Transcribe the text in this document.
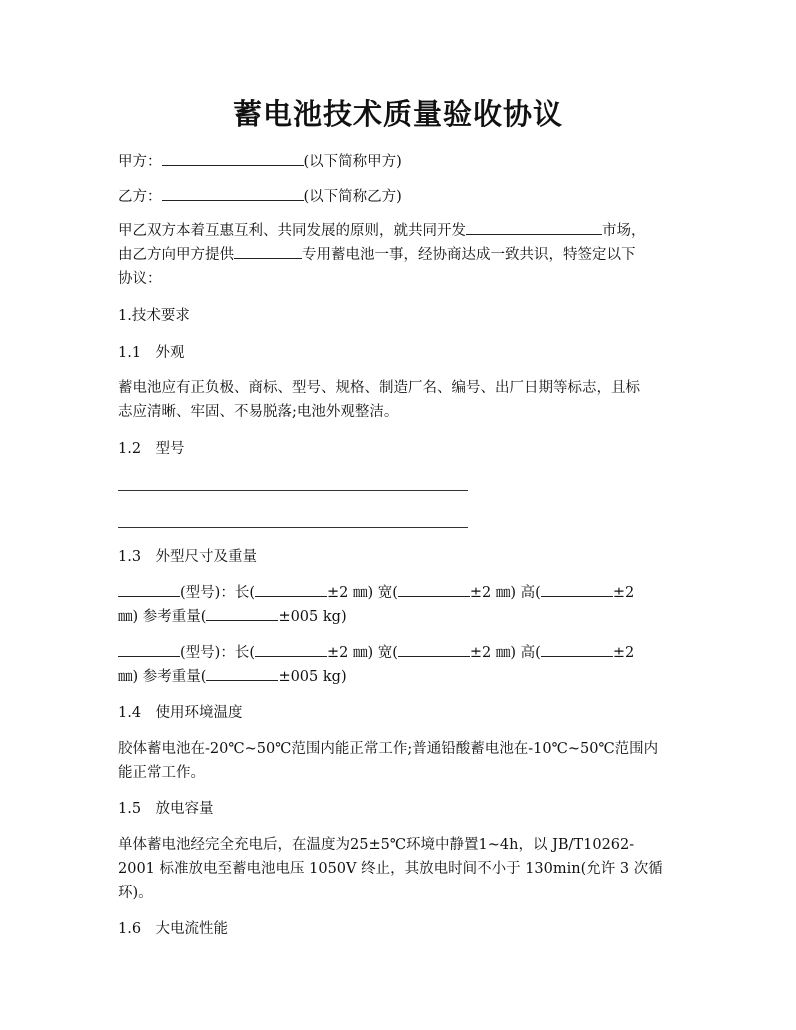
蓄电池技术质量验收协议
甲方：	(以下简称甲方)
乙方：	(以下简称乙方)
甲乙双方本着互惠互利、共同发展的原则，就共同开发	市场，
由乙方向甲方提供	专用蓄电池一事，经协商达成一致共识，特签定以下
协议：
1.技术要求
1.1　外观
蓄电池应有正负极、商标、型号、规格、制造厂名、编号、出厂日期等标志，且标
志应清晰、牢固、不易脱落;电池外观整洁。
1.2　型号
1.3　外型尺寸及重量
(型号)：长(	±2 ㎜) 宽(	±2 ㎜) 高(	±2
㎜) 参考重量(	±005 kg)
(型号)：长(	±2 ㎜) 宽(	±2 ㎜) 高(	±2
㎜) 参考重量(	±005 kg)
1.4　使用环境温度
胶体蓄电池在-20℃~50℃范围内能正常工作;普通铅酸蓄电池在-10℃~50℃范围内
能正常工作。
1.5　放电容量
单体蓄电池经完全充电后，在温度为25±5℃环境中静置1~4h，以 JB/T10262-
2001 标准放电至蓄电池电压 1050V 终止，其放电时间不小于 130min(允许 3 次循
环)。
1.6　大电流性能
